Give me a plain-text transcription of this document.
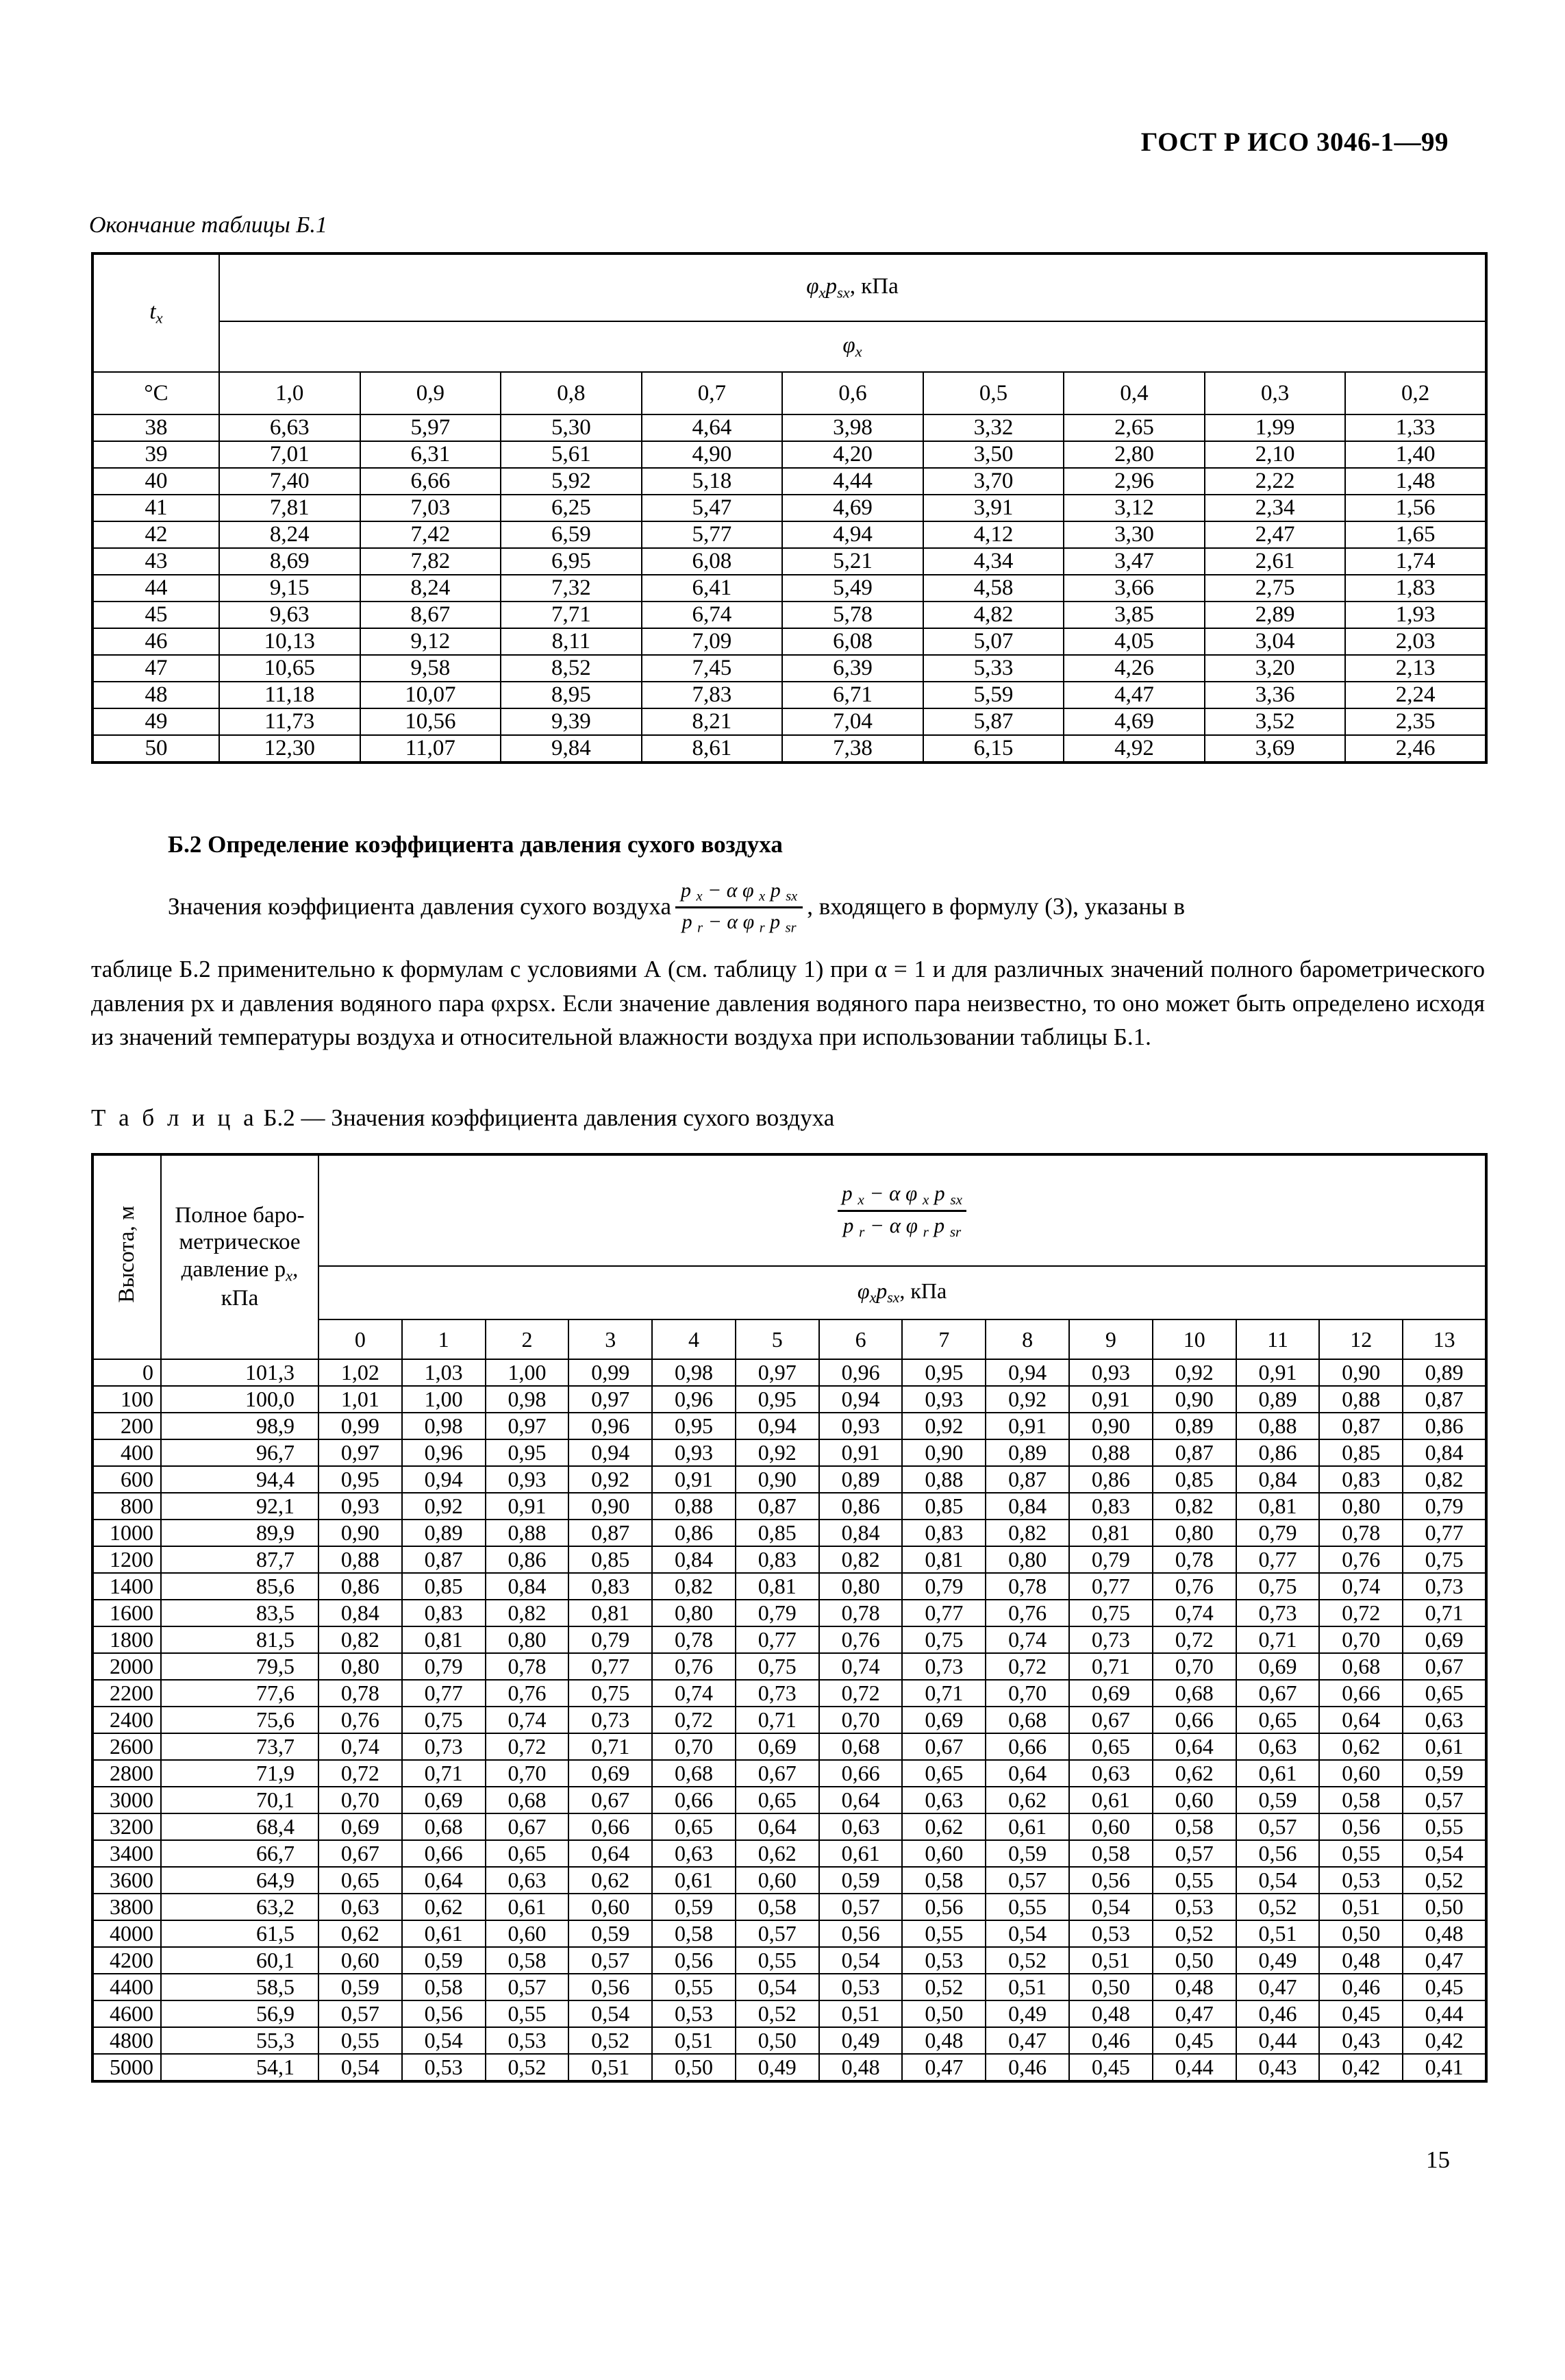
ГОСТ Р ИСО 3046-1—99
Окончание таблицы Б.1
$t_x$	$\varphi_xp_{sx}$, кПа								
	$\varphi_x$
°C	1,0	0,9	0,8	0,7	0,6	0,5	0,4	0,3	0,2
38	6,63	5,97	5,30	4,64	3,98	3,32	2,65	1,99	1,33
39	7,01	6,31	5,61	4,90	4,20	3,50	2,80	2,10	1,40
40	7,40	6,66	5,92	5,18	4,44	3,70	2,96	2,22	1,48
41	7,81	7,03	6,25	5,47	4,69	3,91	3,12	2,34	1,56
42	8,24	7,42	6,59	5,77	4,94	4,12	3,30	2,47	1,65
43	8,69	7,82	6,95	6,08	5,21	4,34	3,47	2,61	1,74
44	9,15	8,24	7,32	6,41	5,49	4,58	3,66	2,75	1,83
45	9,63	8,67	7,71	6,74	5,78	4,82	3,85	2,89	1,93
46	10,13	9,12	8,11	7,09	6,08	5,07	4,05	3,04	2,03
47	10,65	9,58	8,52	7,45	6,39	5,33	4,26	3,20	2,13
48	11,18	10,07	8,95	7,83	6,71	5,59	4,47	3,36	2,24
49	11,73	10,56	9,39	8,21	7,04	5,87	4,69	3,52	2,35
50	12,30	11,07	9,84	8,61	7,38	6,15	4,92	3,69	2,46
Б.2 Определение коэффициента давления сухого воздуха
Значения коэффициента давления сухого воздуха $\frac{p _x - \alpha \varphi _x p _{sx}}{p _r - \alpha \varphi _r p _{sr}}$ , входящего в формулу (3), указаны в
таблице Б.2 применительно к формулам с условиями А (см. таблицу 1) при α = 1 и для различных значений полного барометрического давления px и давления водяного пара φxpsx. Если значение давления водяного пара неизвестно, то оно может быть определено исходя из значений температуры воздуха и относительной влажности воздуха при использовании таблицы Б.1.
Т а б л и ц а Б.2 — Значения коэффициента давления сухого воздуха
Высота, м	Полное баро-
метрическое
давление $p_x$,
кПа	$\frac{p _x - \alpha \varphi _x p _{sx}}{p _r - \alpha \varphi _r p _{sr}}$

		$\varphi_xp_{sx}$, кПа													
		0	1	2	3	4	5	6	7	8	9	10	11	12	13
0	101,3	1,02	1,03	1,00	0,99	0,98	0,97	0,96	0,95	0,94	0,93	0,92	0,91	0,90	0,89
100	100,0	1,01	1,00	0,98	0,97	0,96	0,95	0,94	0,93	0,92	0,91	0,90	0,89	0,88	0,87
200	98,9	0,99	0,98	0,97	0,96	0,95	0,94	0,93	0,92	0,91	0,90	0,89	0,88	0,87	0,86
400	96,7	0,97	0,96	0,95	0,94	0,93	0,92	0,91	0,90	0,89	0,88	0,87	0,86	0,85	0,84
600	94,4	0,95	0,94	0,93	0,92	0,91	0,90	0,89	0,88	0,87	0,86	0,85	0,84	0,83	0,82
800	92,1	0,93	0,92	0,91	0,90	0,88	0,87	0,86	0,85	0,84	0,83	0,82	0,81	0,80	0,79
1000	89,9	0,90	0,89	0,88	0,87	0,86	0,85	0,84	0,83	0,82	0,81	0,80	0,79	0,78	0,77
1200	87,7	0,88	0,87	0,86	0,85	0,84	0,83	0,82	0,81	0,80	0,79	0,78	0,77	0,76	0,75
1400	85,6	0,86	0,85	0,84	0,83	0,82	0,81	0,80	0,79	0,78	0,77	0,76	0,75	0,74	0,73
1600	83,5	0,84	0,83	0,82	0,81	0,80	0,79	0,78	0,77	0,76	0,75	0,74	0,73	0,72	0,71
1800	81,5	0,82	0,81	0,80	0,79	0,78	0,77	0,76	0,75	0,74	0,73	0,72	0,71	0,70	0,69
2000	79,5	0,80	0,79	0,78	0,77	0,76	0,75	0,74	0,73	0,72	0,71	0,70	0,69	0,68	0,67
2200	77,6	0,78	0,77	0,76	0,75	0,74	0,73	0,72	0,71	0,70	0,69	0,68	0,67	0,66	0,65
2400	75,6	0,76	0,75	0,74	0,73	0,72	0,71	0,70	0,69	0,68	0,67	0,66	0,65	0,64	0,63
2600	73,7	0,74	0,73	0,72	0,71	0,70	0,69	0,68	0,67	0,66	0,65	0,64	0,63	0,62	0,61
2800	71,9	0,72	0,71	0,70	0,69	0,68	0,67	0,66	0,65	0,64	0,63	0,62	0,61	0,60	0,59
3000	70,1	0,70	0,69	0,68	0,67	0,66	0,65	0,64	0,63	0,62	0,61	0,60	0,59	0,58	0,57
3200	68,4	0,69	0,68	0,67	0,66	0,65	0,64	0,63	0,62	0,61	0,60	0,58	0,57	0,56	0,55
3400	66,7	0,67	0,66	0,65	0,64	0,63	0,62	0,61	0,60	0,59	0,58	0,57	0,56	0,55	0,54
3600	64,9	0,65	0,64	0,63	0,62	0,61	0,60	0,59	0,58	0,57	0,56	0,55	0,54	0,53	0,52
3800	63,2	0,63	0,62	0,61	0,60	0,59	0,58	0,57	0,56	0,55	0,54	0,53	0,52	0,51	0,50
4000	61,5	0,62	0,61	0,60	0,59	0,58	0,57	0,56	0,55	0,54	0,53	0,52	0,51	0,50	0,48
4200	60,1	0,60	0,59	0,58	0,57	0,56	0,55	0,54	0,53	0,52	0,51	0,50	0,49	0,48	0,47
4400	58,5	0,59	0,58	0,57	0,56	0,55	0,54	0,53	0,52	0,51	0,50	0,48	0,47	0,46	0,45
4600	56,9	0,57	0,56	0,55	0,54	0,53	0,52	0,51	0,50	0,49	0,48	0,47	0,46	0,45	0,44
4800	55,3	0,55	0,54	0,53	0,52	0,51	0,50	0,49	0,48	0,47	0,46	0,45	0,44	0,43	0,42
5000	54,1	0,54	0,53	0,52	0,51	0,50	0,49	0,48	0,47	0,46	0,45	0,44	0,43	0,42	0,41
15
